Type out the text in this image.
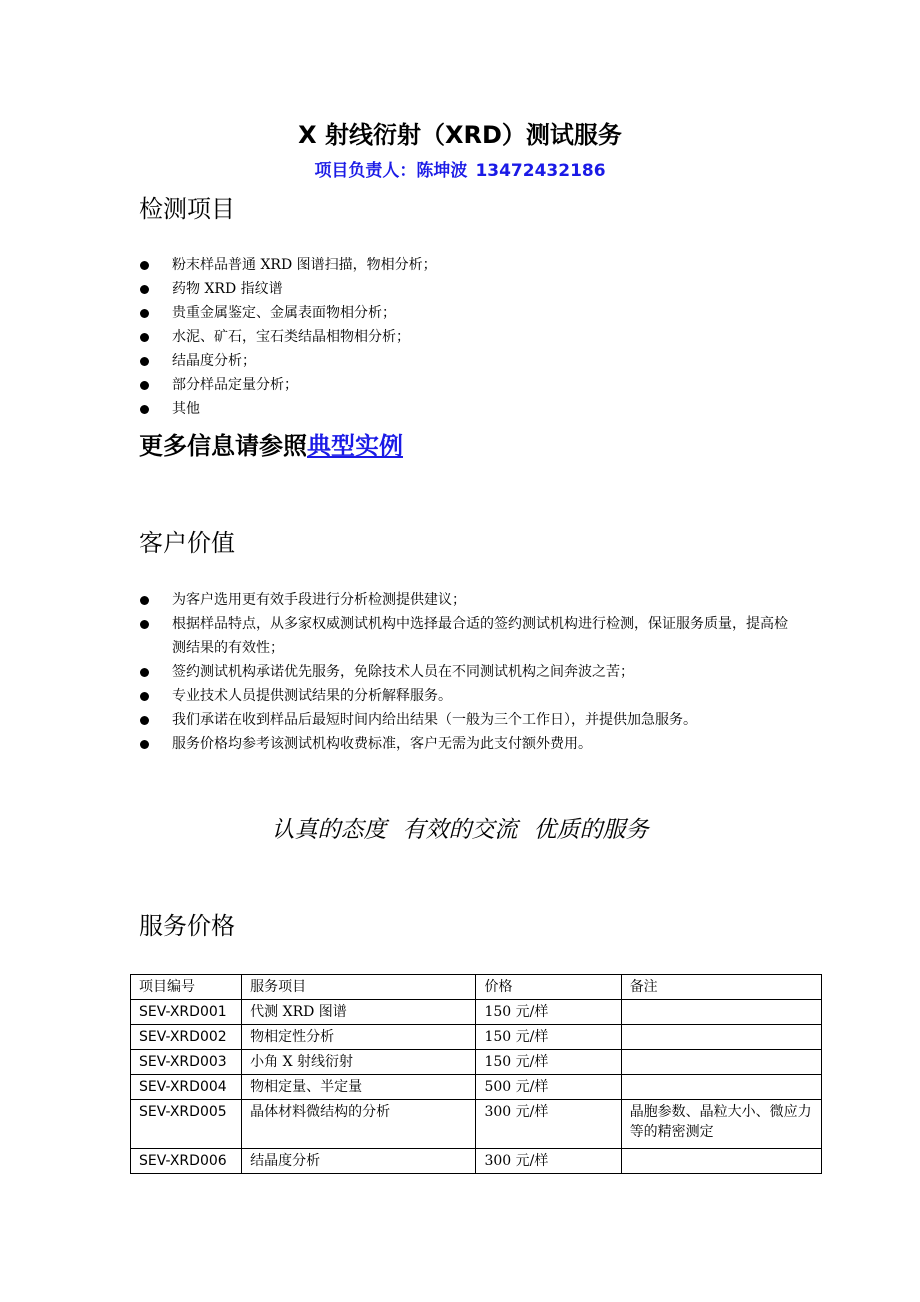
X 射线衍射（XRD）测试服务
项目负责人：陈坤波 13472432186
检测项目
粉末样品普通 XRD 图谱扫描，物相分析；
药物 XRD 指纹谱
贵重金属鉴定、金属表面物相分析；
水泥、矿石，宝石类结晶相物相分析；
结晶度分析；
部分样品定量分析；
其他
更多信息请参照典型实例
客户价值
为客户选用更有效手段进行分析检测提供建议；
根据样品特点，从多家权威测试机构中选择最合适的签约测试机构进行检测，保证服务质量，提高检测结果的有效性；
签约测试机构承诺优先服务，免除技术人员在不同测试机构之间奔波之苦；
专业技术人员提供测试结果的分析解释服务。
我们承诺在收到样品后最短时间内给出结果（一般为三个工作日），并提供加急服务。
服务价格均参考该测试机构收费标准，客户无需为此支付额外费用。
认真的态度 有效的交流 优质的服务
服务价格
项目编号	服务项目	价格	备注
SEV-XRD001	代测 XRD 图谱	150 元/样	
SEV-XRD002	物相定性分析	150 元/样	
SEV-XRD003	小角 X 射线衍射	150 元/样	
SEV-XRD004	物相定量、半定量	500 元/样	
SEV-XRD005	晶体材料微结构的分析	300 元/样	晶胞参数、晶粒大小、微应力等的精密测定
SEV-XRD006	结晶度分析	300 元/样	
